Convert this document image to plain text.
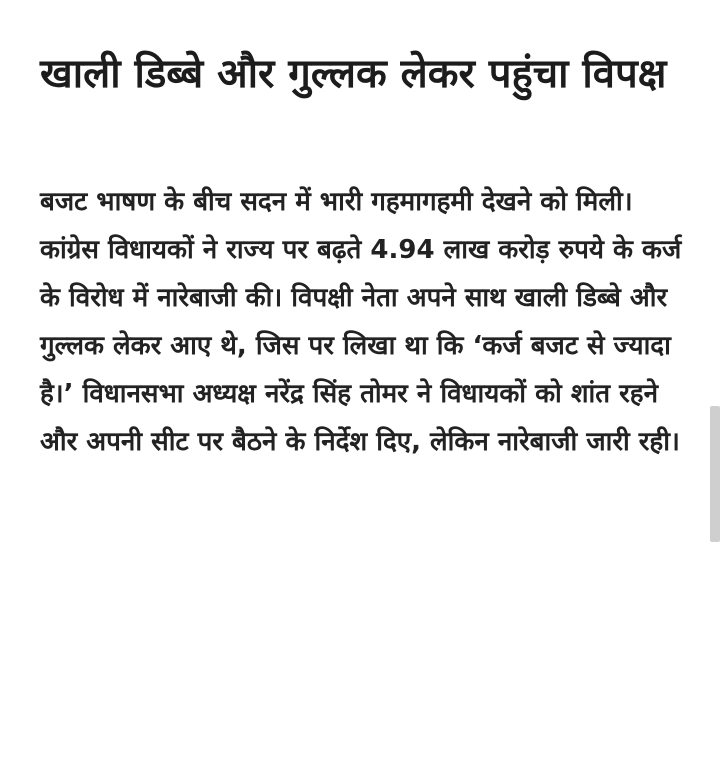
खाली डिब्बे और गुल्लक लेकर पहुंचा विपक्ष

बजट भाषण के बीच सदन में भारी गहमागहमी देखने को मिली। कांग्रेस विधायकों ने राज्य पर बढ़ते 4.94 लाख करोड़ रुपये के कर्ज के विरोध में नारेबाजी की। विपक्षी नेता अपने साथ खाली डिब्बे और गुल्लक लेकर आए थे, जिस पर लिखा था कि ‘कर्ज बजट से ज्यादा है।’ विधानसभा अध्यक्ष नरेंद्र सिंह तोमर ने विधायकों को शांत रहने और अपनी सीट पर बैठने के निर्देश दिए, लेकिन नारेबाजी जारी रही।
